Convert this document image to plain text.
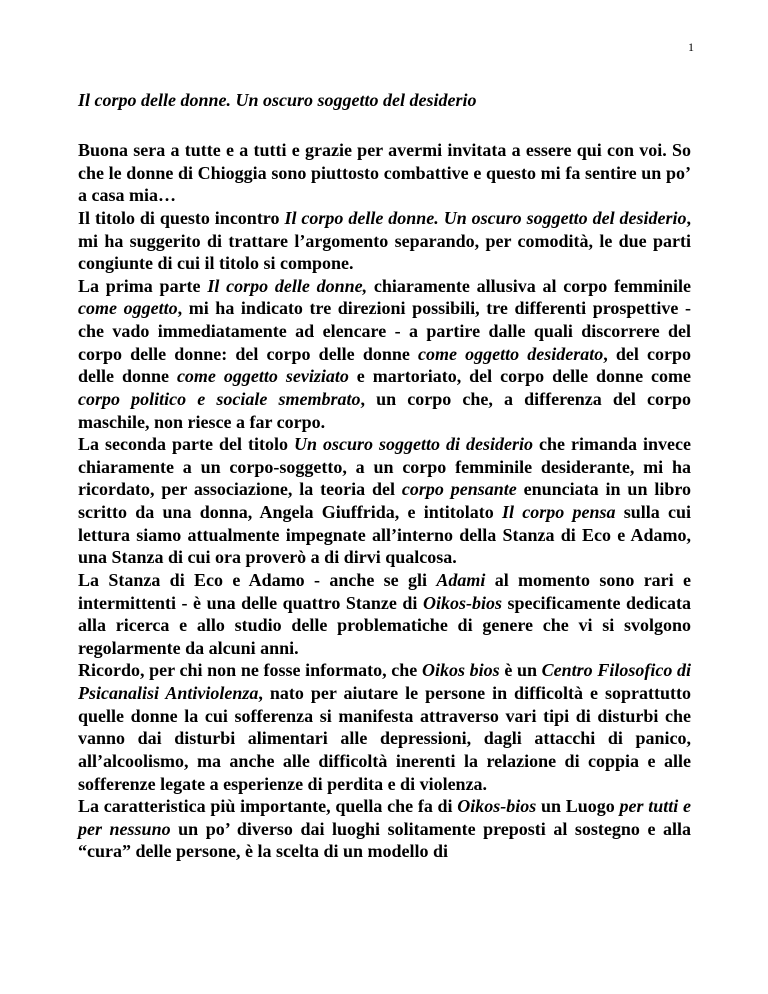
1
Il corpo delle donne. Un oscuro soggetto del desiderio

Buona sera a tutte e a tutti e grazie per avermi invitata a essere qui con voi. So che le donne di Chioggia sono piuttosto combattive e questo mi fa sentire un po’ a casa mia…

Il titolo di questo incontro Il corpo delle donne. Un oscuro soggetto del desiderio, mi ha suggerito di trattare l’argomento separando, per comodità, le due parti congiunte di cui il titolo si compone.

La prima parte Il corpo delle donne, chiaramente allusiva al corpo femminile come oggetto, mi ha indicato tre direzioni possibili, tre differenti prospettive - che vado immediatamente ad elencare - a partire dalle quali discorrere del corpo delle donne: del corpo delle donne come oggetto desiderato, del corpo delle donne come oggetto seviziato e martoriato, del corpo delle donne come corpo politico e sociale smembrato, un corpo che, a differenza del corpo maschile, non riesce a far corpo.

La seconda parte del titolo Un oscuro soggetto di desiderio che rimanda invece chiaramente a un corpo-soggetto, a un corpo femminile desiderante, mi ha ricordato, per associazione, la teoria del corpo pensante enunciata in un libro scritto da una donna, Angela Giuffrida, e intitolato Il corpo pensa sulla cui lettura siamo attualmente impegnate all’interno della Stanza di Eco e Adamo, una Stanza di cui ora proverò a di dirvi qualcosa.

La Stanza di Eco e Adamo - anche se gli Adami al momento sono rari e intermittenti - è una delle quattro Stanze di Oikos-bios specificamente dedicata alla ricerca e allo studio delle problematiche di genere che vi si svolgono regolarmente da alcuni anni.

Ricordo, per chi non ne fosse informato, che Oikos bios è un Centro Filosofico di Psicanalisi Antiviolenza, nato per aiutare le persone in difficoltà e soprattutto quelle donne la cui sofferenza si manifesta attraverso vari tipi di disturbi che vanno dai disturbi alimentari alle depressioni, dagli attacchi di panico, all’alcoolismo, ma anche alle difficoltà inerenti la relazione di coppia e alle sofferenze legate a esperienze di perdita e di violenza.

La caratteristica più importante, quella che fa di Oikos-bios un Luogo per tutti e per nessuno un po’ diverso dai luoghi solitamente preposti al sostegno e alla “cura” delle persone, è la scelta di un modello di
